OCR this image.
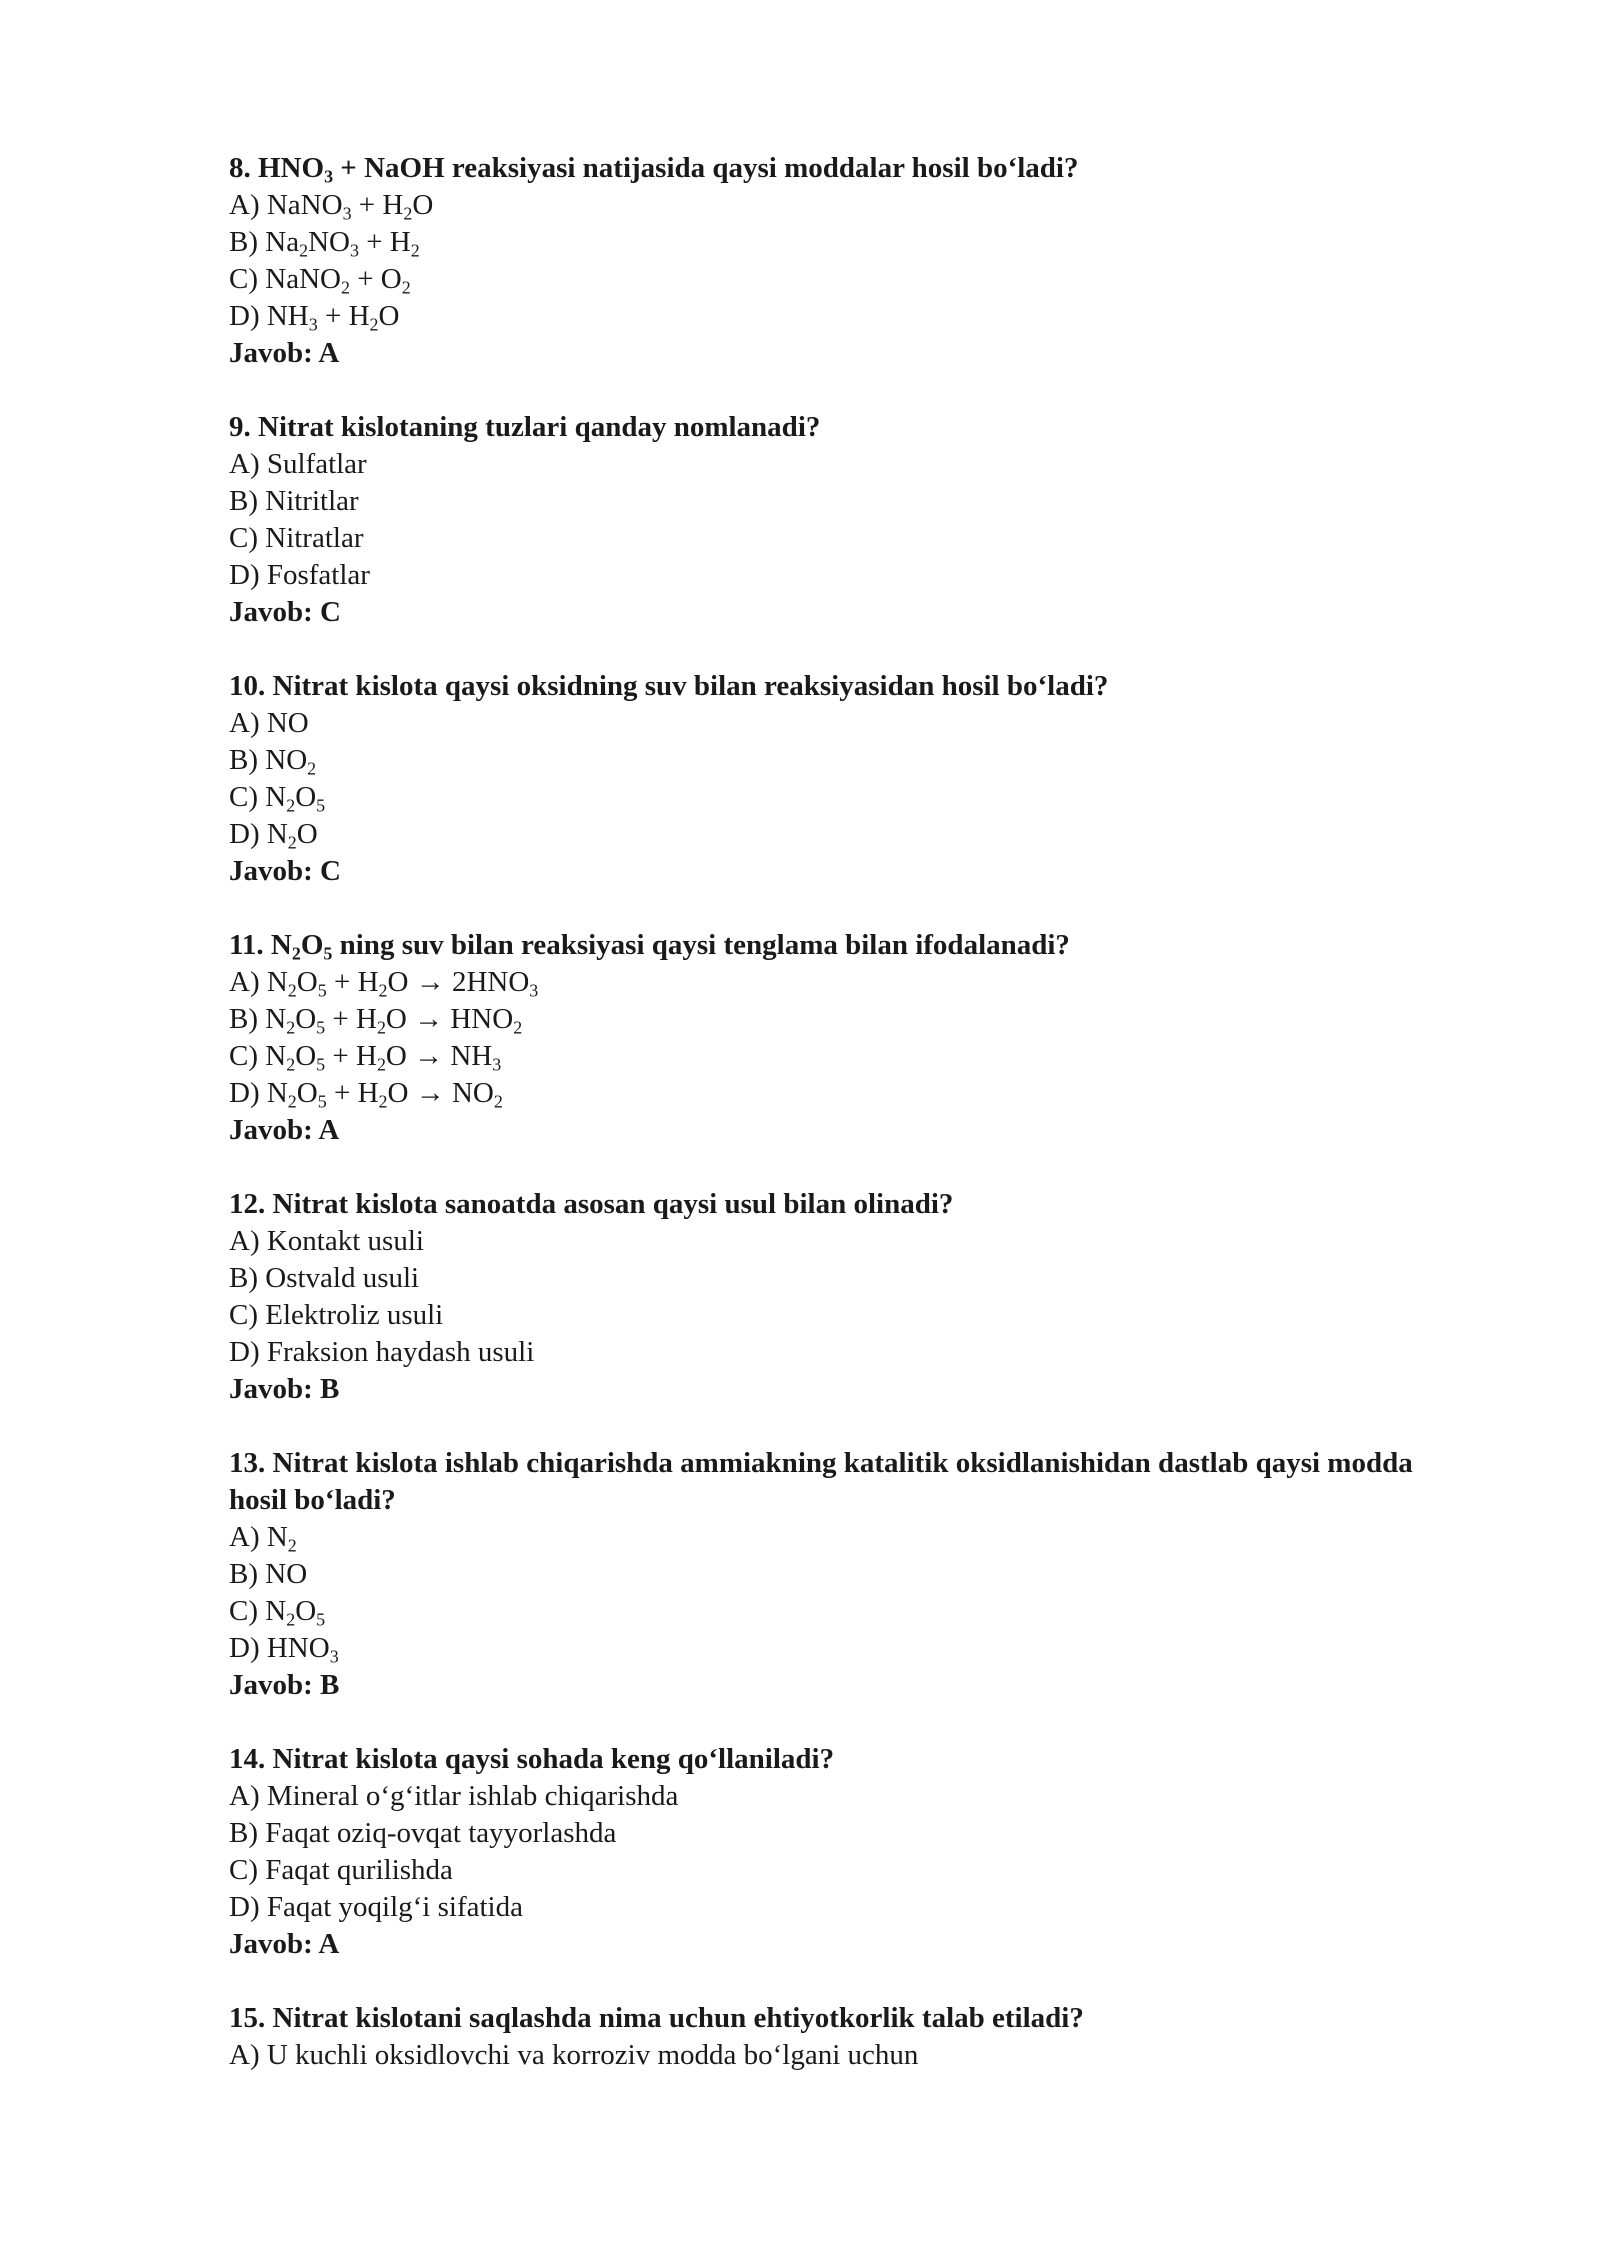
8. $HNO_3$ + NaOH reaksiyasi natijasida qaysi moddalar hosil bo‘ladi?
A) NaNO$_3$ + $H_2O$
B) $Na_2NO_3 + H_2$
C) NaNO$_2$ + $O_2$
D) $NH_3 + H_2O$
Javob: A
9. Nitrat kislotaning tuzlari qanday nomlanadi?
A) Sulfatlar
B) Nitritlar
C) Nitratlar
D) Fosfatlar
Javob: C
10. Nitrat kislota qaysi oksidning suv bilan reaksiyasidan hosil bo‘ladi?
A) NO
B) $NO_2$
C) $N_2O_5$
D) $N_2O$
Javob: C
11. $N_2O_5$ ning suv bilan reaksiyasi qaysi tenglama bilan ifodalanadi?
A) $N_2O_5 + H_2O \to 2HNO_3$
B) $N_2O_5 + H_2O \to HNO_2$
C) $N_2O_5 + H_2O \to NH_3$
D) $N_2O_5 + H_2O \to NO_2$
Javob: A
12. Nitrat kislota sanoatda asosan qaysi usul bilan olinadi?
A) Kontakt usuli
B) Ostvald usuli
C) Elektroliz usuli
D) Fraksion haydash usuli
Javob: B
13. Nitrat kislota ishlab chiqarishda ammiakning katalitik oksidlanishidan dastlab qaysi modda hosil bo‘ladi?
A) $N_2$
B) NO
C) $N_2O_5$
D) $HNO_3$
Javob: B
14. Nitrat kislota qaysi sohada keng qo‘llaniladi?
A) Mineral o‘g‘itlar ishlab chiqarishda
B) Faqat oziq-ovqat tayyorlashda
C) Faqat qurilishda
D) Faqat yoqilg‘i sifatida
Javob: A
15. Nitrat kislotani saqlashda nima uchun ehtiyotkorlik talab etiladi?
A) U kuchli oksidlovchi va korroziv modda bo‘lgani uchun
